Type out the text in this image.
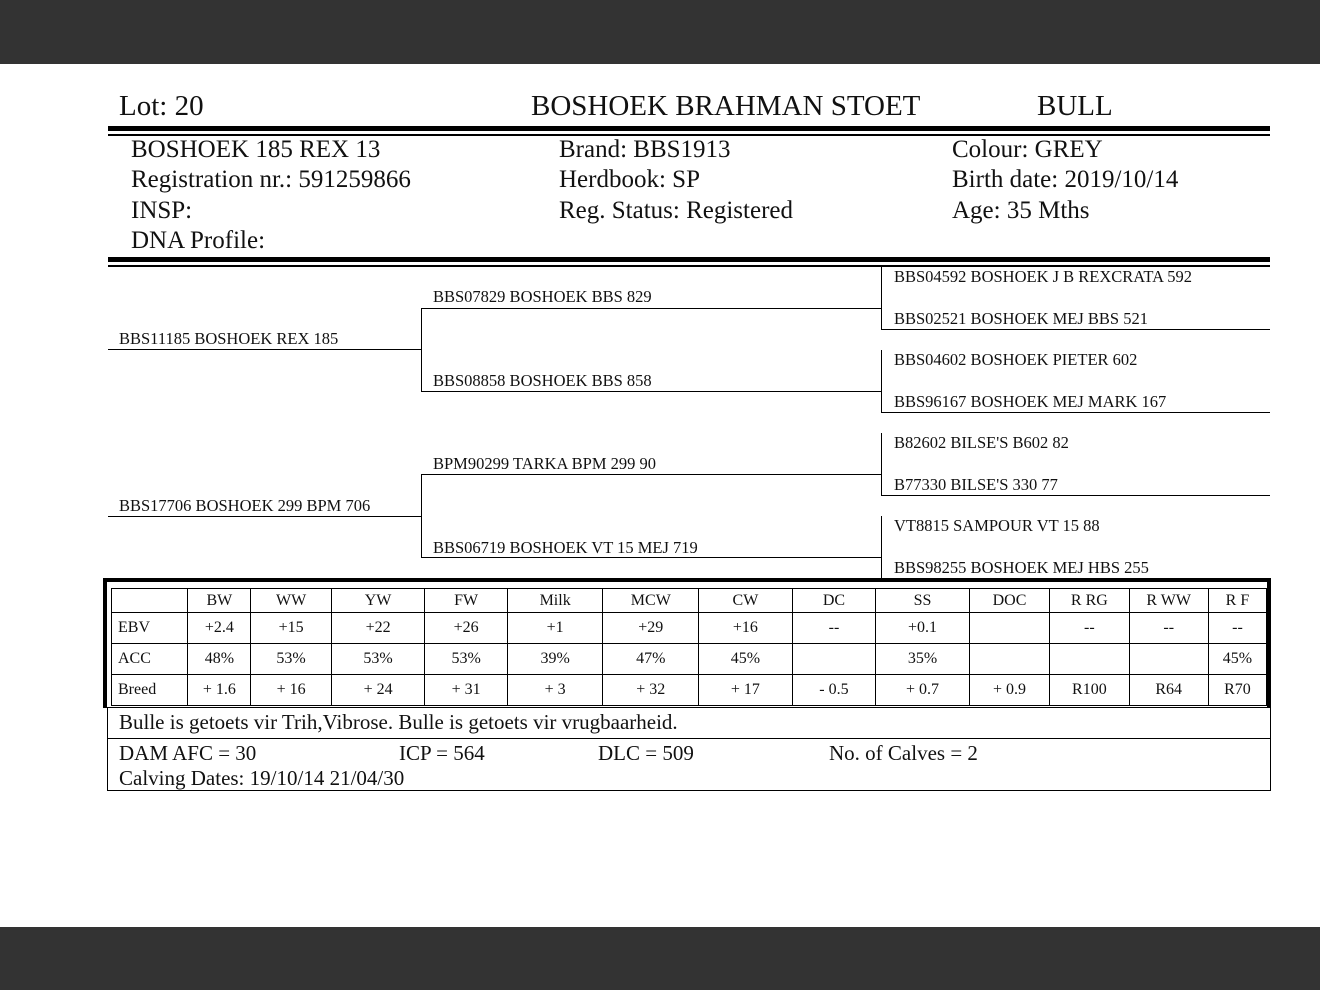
Lot: 20	BOSHOEK BRAHMAN STOET	BULL
BOSHOEK 185 REX 13
Registration nr.: 591259866
INSP:
DNA Profile:
Brand: BBS1913
Herdbook: SP
Reg. Status: Registered
Colour: GREY
Birth date: 2019/10/14
Age: 35 Mths
BBS11185 BOSHOEK REX 185
BBS17706 BOSHOEK 299 BPM 706
BBS07829 BOSHOEK BBS 829
BBS08858 BOSHOEK BBS 858
BPM90299 TARKA BPM 299 90
BBS06719 BOSHOEK VT 15 MEJ 719
BBS04592 BOSHOEK J B REXCRATA 592
BBS02521 BOSHOEK MEJ BBS 521
BBS04602 BOSHOEK PIETER 602
BBS96167 BOSHOEK MEJ MARK 167
B82602 BILSE'S B602 82
B77330 BILSE'S 330 77
VT8815 SAMPOUR VT 15 88
BBS98255 BOSHOEK MEJ HBS 255
	BW	WW	YW	FW	Milk	MCW	CW	DC	SS	DOC	R RG	R WW	R F
EBV	+2.4	+15	+22	+26	+1	+29	+16	--	+0.1		--	--	--
ACC	48%	53%	53%	53%	39%	47%	45%		35%				45%
Breed	+ 1.6	+ 16	+ 24	+ 31	+ 3	+ 32	+ 17	- 0.5	+ 0.7	+ 0.9	R100	R64	R70
Bulle is getoets vir Trih,Vibrose. Bulle is getoets vir vrugbaarheid.
DAM AFC = 30	ICP = 564	DLC = 509	No. of Calves = 2
Calving Dates: 19/10/14 21/04/30
